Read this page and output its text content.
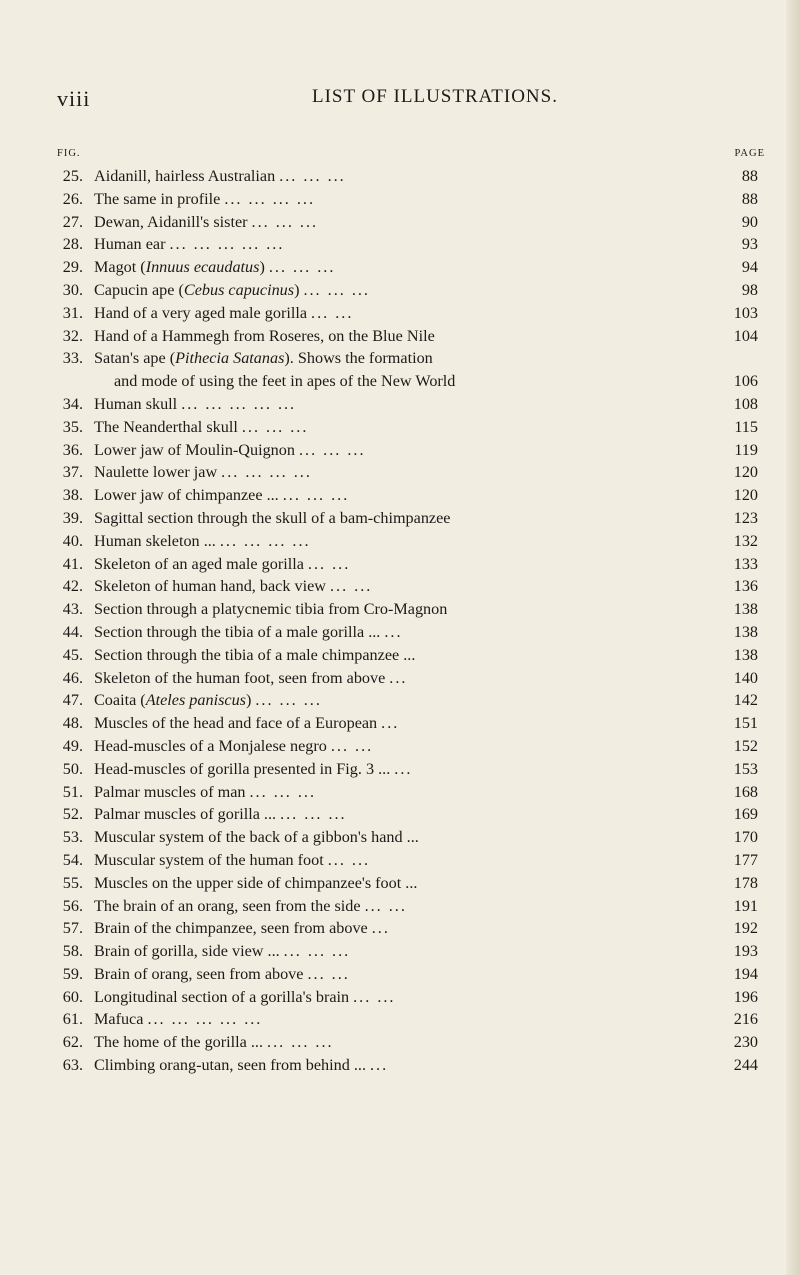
viii	LIST OF ILLUSTRATIONS.
FIG.	PAGE
25. Aidanill, hairless Australian ... ... ...	88
26. The same in profile ... ... ... ...	88
27. Dewan, Aidanill's sister ... ... ...	90
28. Human ear ... ... ... ... ...	93
29. Magot (Innuus ecaudatus) ... ... ...	94
30. Capucin ape (Cebus capucinus) ... ... ...	98
31. Hand of a very aged male gorilla ... ...	103
32. Hand of a Hammegh from Roseres, on the Blue Nile	104
33. Satan's ape (Pithecia Satanas). Shows the formation
and mode of using the feet in apes of the New World	106
34. Human skull ... ... ... ... ...	108
35. The Neanderthal skull ... ... ...	115
36. Lower jaw of Moulin-Quignon ... ... ...	119
37. Naulette lower jaw ... ... ... ...	120
38. Lower jaw of chimpanzee ... ... ... ...	120
39. Sagittal section through the skull of a bam-chimpanzee	123
40. Human skeleton ... ... ... ... ...	132
41. Skeleton of an aged male gorilla ... ...	133
42. Skeleton of human hand, back view ... ...	136
43. Section through a platycnemic tibia from Cro-Magnon	138
44. Section through the tibia of a male gorilla ... ...	138
45. Section through the tibia of a male chimpanzee ...	138
46. Skeleton of the human foot, seen from above ...	140
47. Coaita (Ateles paniscus) ... ... ...	142
48. Muscles of the head and face of a European ...	151
49. Head-muscles of a Monjalese negro ... ...	152
50. Head-muscles of gorilla presented in Fig. 3 ... ...	153
51. Palmar muscles of man ... ... ...	168
52. Palmar muscles of gorilla ... ... ... ...	169
53. Muscular system of the back of a gibbon's hand ...	170
54. Muscular system of the human foot ... ...	177
55. Muscles on the upper side of chimpanzee's foot ...	178
56. The brain of an orang, seen from the side ... ...	191
57. Brain of the chimpanzee, seen from above ...	192
58. Brain of gorilla, side view ... ... ... ...	193
59. Brain of orang, seen from above ... ...	194
60. Longitudinal section of a gorilla's brain ... ...	196
61. Mafuca ... ... ... ... ...	216
62. The home of the gorilla ... ... ... ...	230
63. Climbing orang-utan, seen from behind ... ...	244
